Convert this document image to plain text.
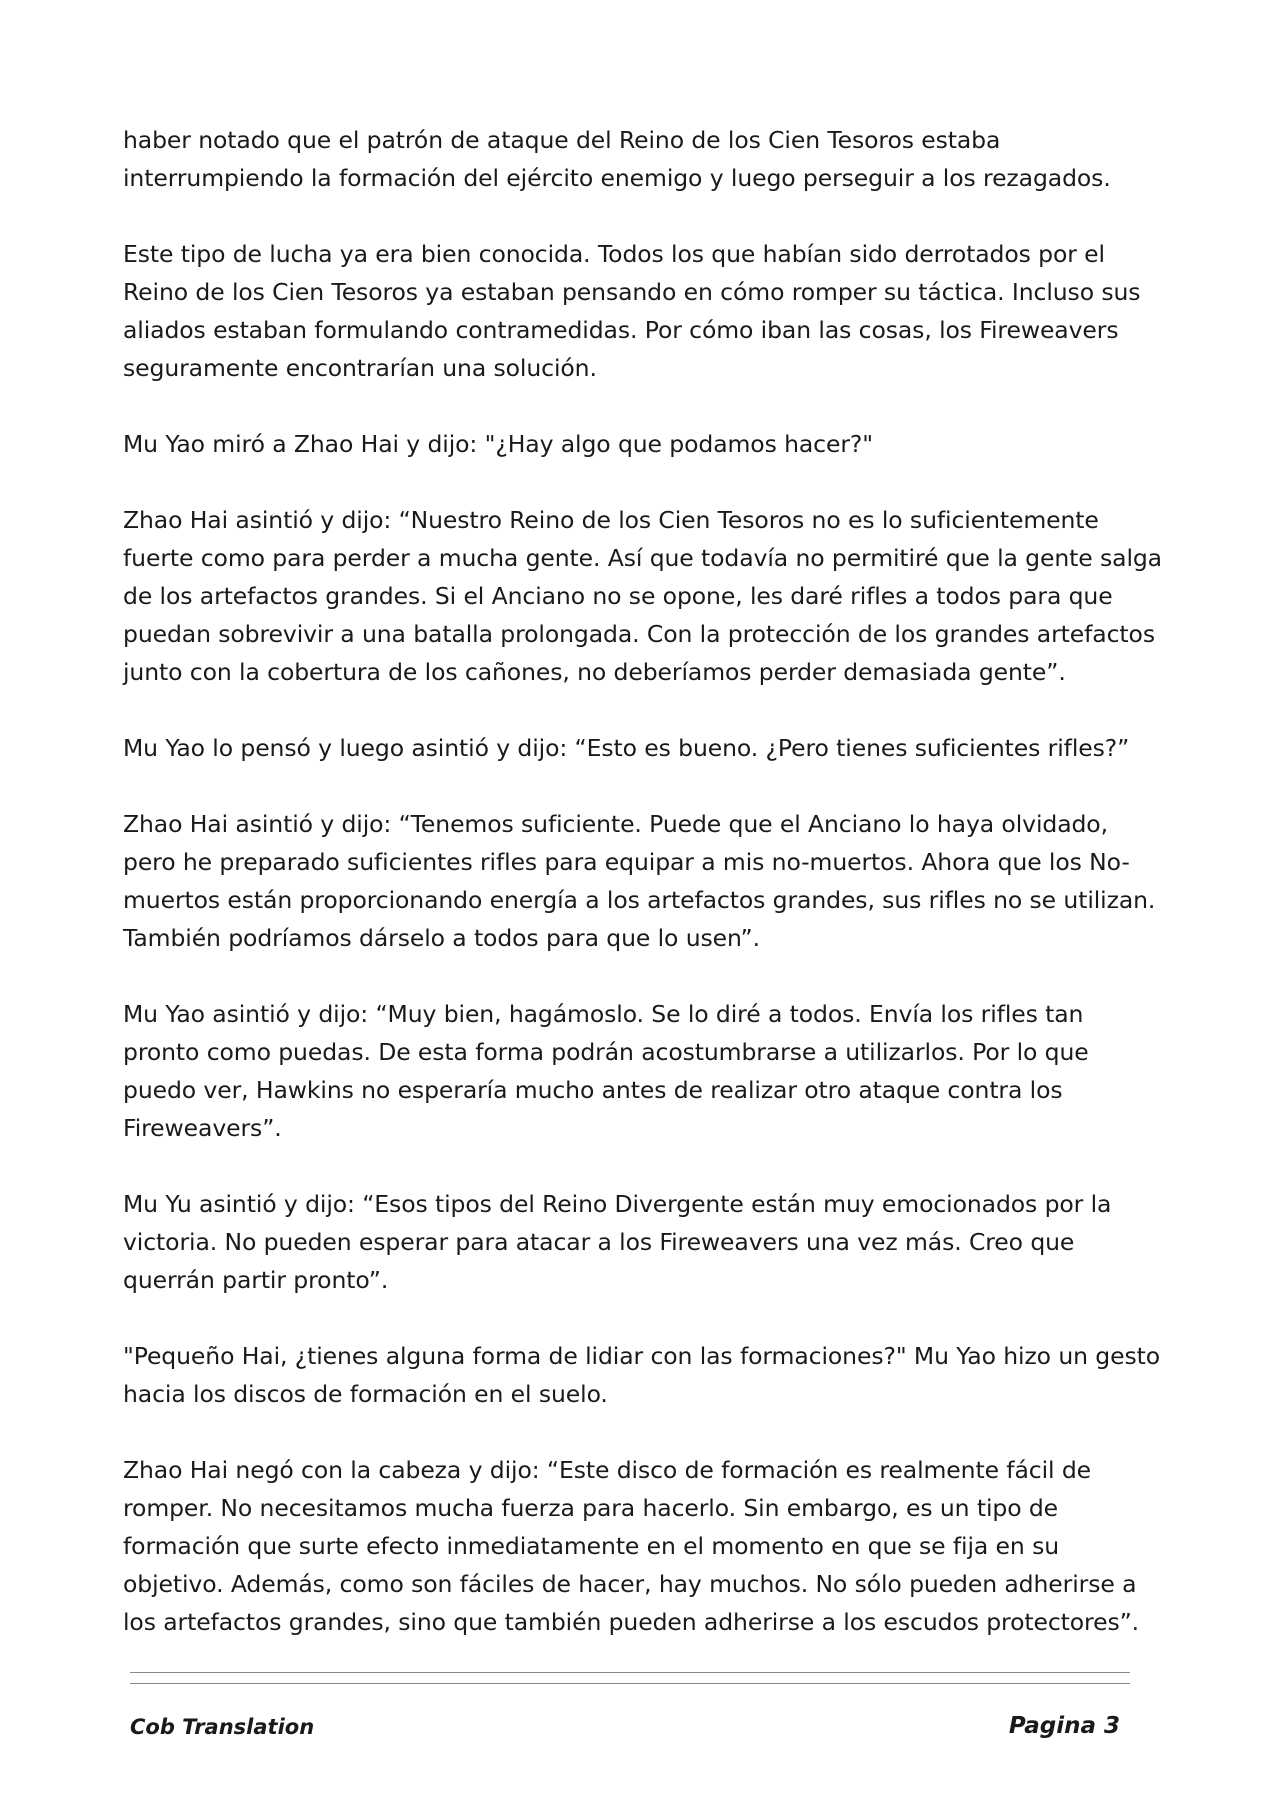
haber notado que el patrón de ataque del Reino de los Cien Tesoros estaba interrumpiendo la formación del ejército enemigo y luego perseguir a los rezagados.

Este tipo de lucha ya era bien conocida. Todos los que habían sido derrotados por el Reino de los Cien Tesoros ya estaban pensando en cómo romper su táctica. Incluso sus aliados estaban formulando contramedidas. Por cómo iban las cosas, los Fireweavers seguramente encontrarían una solución.

Mu Yao miró a Zhao Hai y dijo: "¿Hay algo que podamos hacer?"

Zhao Hai asintió y dijo: “Nuestro Reino de los Cien Tesoros no es lo suficientemente fuerte como para perder a mucha gente. Así que todavía no permitiré que la gente salga de los artefactos grandes. Si el Anciano no se opone, les daré rifles a todos para que puedan sobrevivir a una batalla prolongada. Con la protección de los grandes artefactos junto con la cobertura de los cañones, no deberíamos perder demasiada gente”.

Mu Yao lo pensó y luego asintió y dijo: “Esto es bueno. ¿Pero tienes suficientes rifles?”

Zhao Hai asintió y dijo: “Tenemos suficiente. Puede que el Anciano lo haya olvidado, pero he preparado suficientes rifles para equipar a mis no-muertos. Ahora que los No-muertos están proporcionando energía a los artefactos grandes, sus rifles no se utilizan. También podríamos dárselo a todos para que lo usen”.

Mu Yao asintió y dijo: “Muy bien, hagámoslo. Se lo diré a todos. Envía los rifles tan pronto como puedas. De esta forma podrán acostumbrarse a utilizarlos. Por lo que puedo ver, Hawkins no esperaría mucho antes de realizar otro ataque contra los Fireweavers”.

Mu Yu asintió y dijo: “Esos tipos del Reino Divergente están muy emocionados por la victoria. No pueden esperar para atacar a los Fireweavers una vez más. Creo que querrán partir pronto”.

"Pequeño Hai, ¿tienes alguna forma de lidiar con las formaciones?" Mu Yao hizo un gesto hacia los discos de formación en el suelo.

Zhao Hai negó con la cabeza y dijo: “Este disco de formación es realmente fácil de romper. No necesitamos mucha fuerza para hacerlo. Sin embargo, es un tipo de formación que surte efecto inmediatamente en el momento en que se fija en su objetivo. Además, como son fáciles de hacer, hay muchos. No sólo pueden adherirse a los artefactos grandes, sino que también pueden adherirse a los escudos protectores”.

Cob Translation	Pagina 3
